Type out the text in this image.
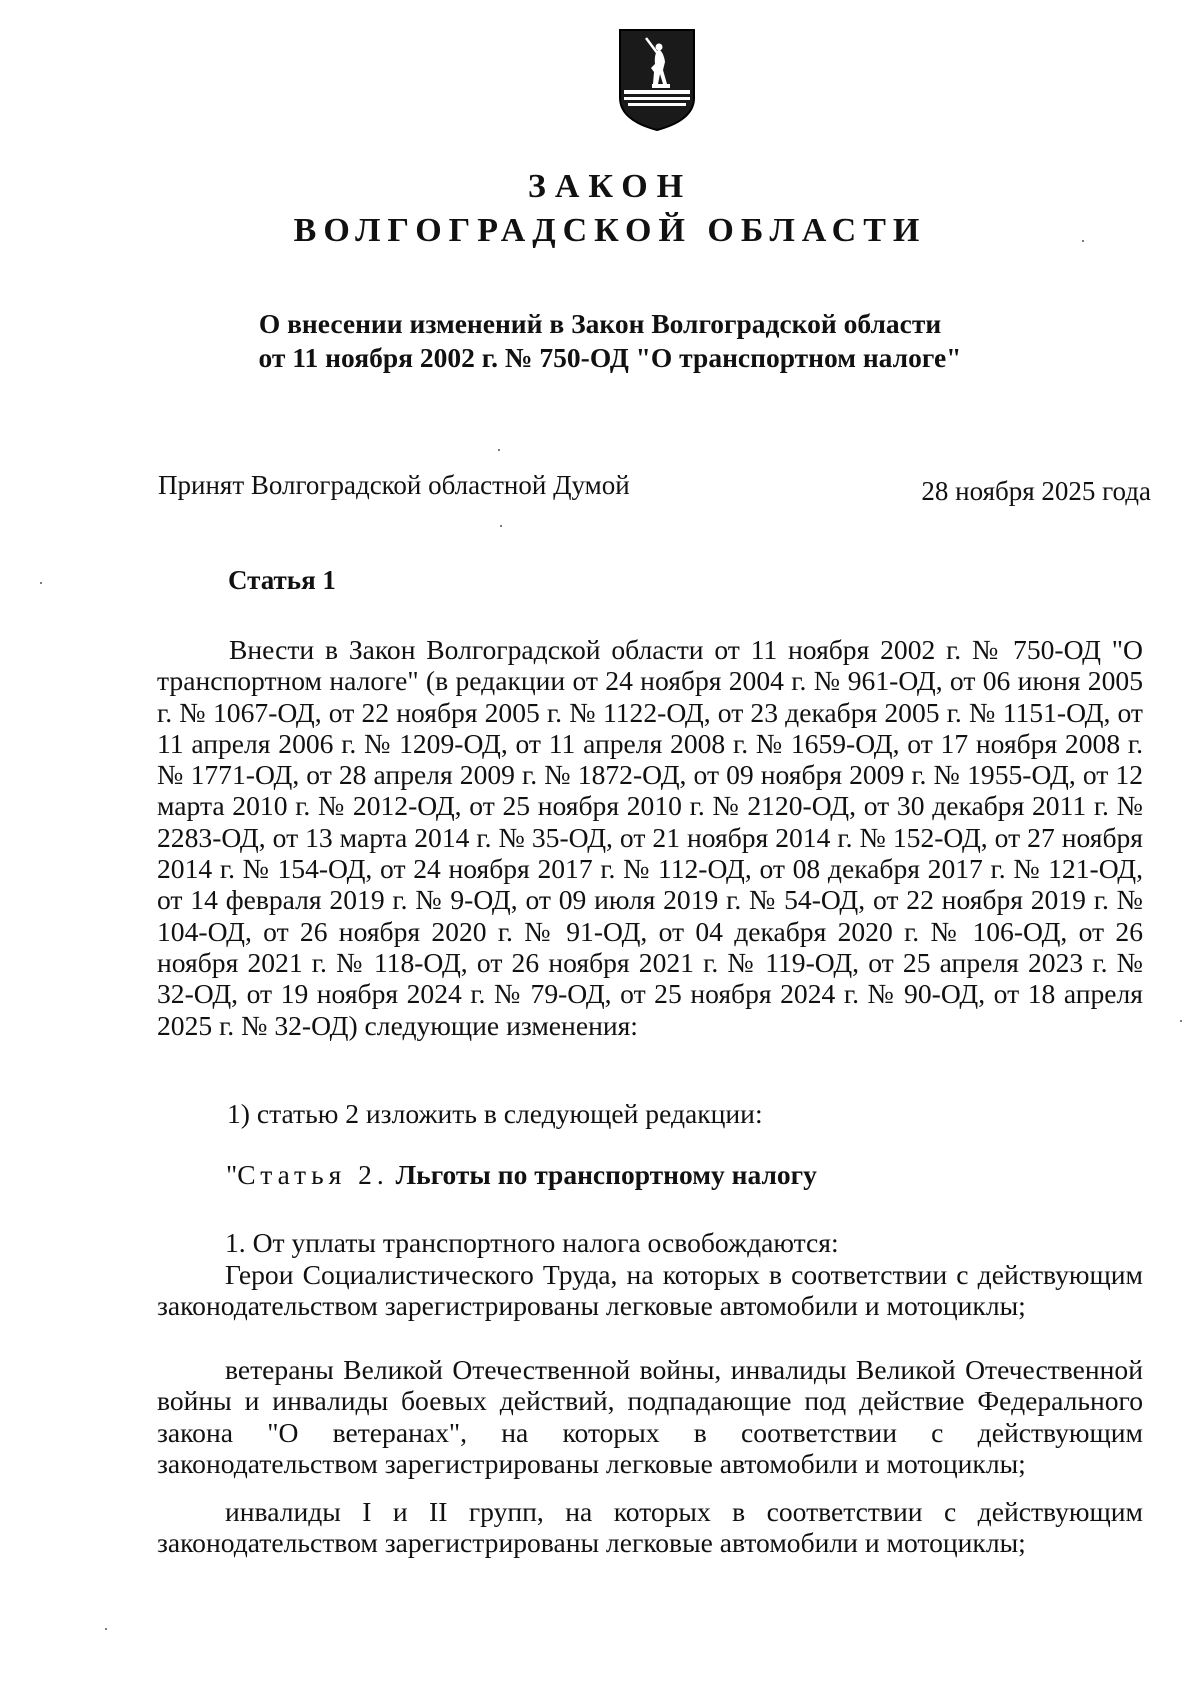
ЗАКОН
ВОЛГОГРАДСКОЙ ОБЛАСТИ
О внесении изменений в Закон Волгоградской области
от 11 ноября 2002 г. № 750-ОД "О транспортном налоге"
Принят Волгоградской областной Думой	28 ноября 2025 года
Статья 1
Внести в Закон Волгоградской области от 11 ноября 2002 г. № 750-ОД "О транспортном налоге" (в редакции от 24 ноября 2004 г. № 961-ОД, от 06 июня 2005 г. № 1067-ОД, от 22 ноября 2005 г. № 1122-ОД, от 23 декабря 2005 г. № 1151-ОД, от 11 апреля 2006 г. № 1209-ОД, от 11 апреля 2008 г. № 1659-ОД, от 17 ноября 2008 г. № 1771-ОД, от 28 апреля 2009 г. № 1872-ОД, от 09 ноября 2009 г. № 1955-ОД, от 12 марта 2010 г. № 2012-ОД, от 25 ноября 2010 г. № 2120-ОД, от 30 декабря 2011 г. № 2283-ОД, от 13 марта 2014 г. № 35-ОД, от 21 ноября 2014 г. № 152-ОД, от 27 ноября 2014 г. № 154-ОД, от 24 ноября 2017 г. № 112-ОД, от 08 декабря 2017 г. № 121-ОД, от 14 февраля 2019 г. № 9-ОД, от 09 июля 2019 г. № 54-ОД, от 22 ноября 2019 г. № 104-ОД, от 26 ноября 2020 г. № 91-ОД, от 04 декабря 2020 г. № 106-ОД, от 26 ноября 2021 г. № 118-ОД, от 26 ноября 2021 г. № 119-ОД, от 25 апреля 2023 г. № 32-ОД, от 19 ноября 2024 г. № 79-ОД, от 25 ноября 2024 г. № 90-ОД, от 18 апреля 2025 г. № 32-ОД) следующие изменения:
1) статью 2 изложить в следующей редакции:
"Статья 2. Льготы по транспортному налогу
1. От уплаты транспортного налога освобождаются:
Герои Социалистического Труда, на которых в соответствии с действующим законодательством зарегистрированы легковые автомобили и мотоциклы;
ветераны Великой Отечественной войны, инвалиды Великой Отечественной войны и инвалиды боевых действий, подпадающие под действие Федерального закона "О ветеранах", на которых в соответствии с действующим законодательством зарегистрированы легковые автомобили и мотоциклы;
инвалиды I и II групп, на которых в соответствии с действующим законодательством зарегистрированы легковые автомобили и мотоциклы;
